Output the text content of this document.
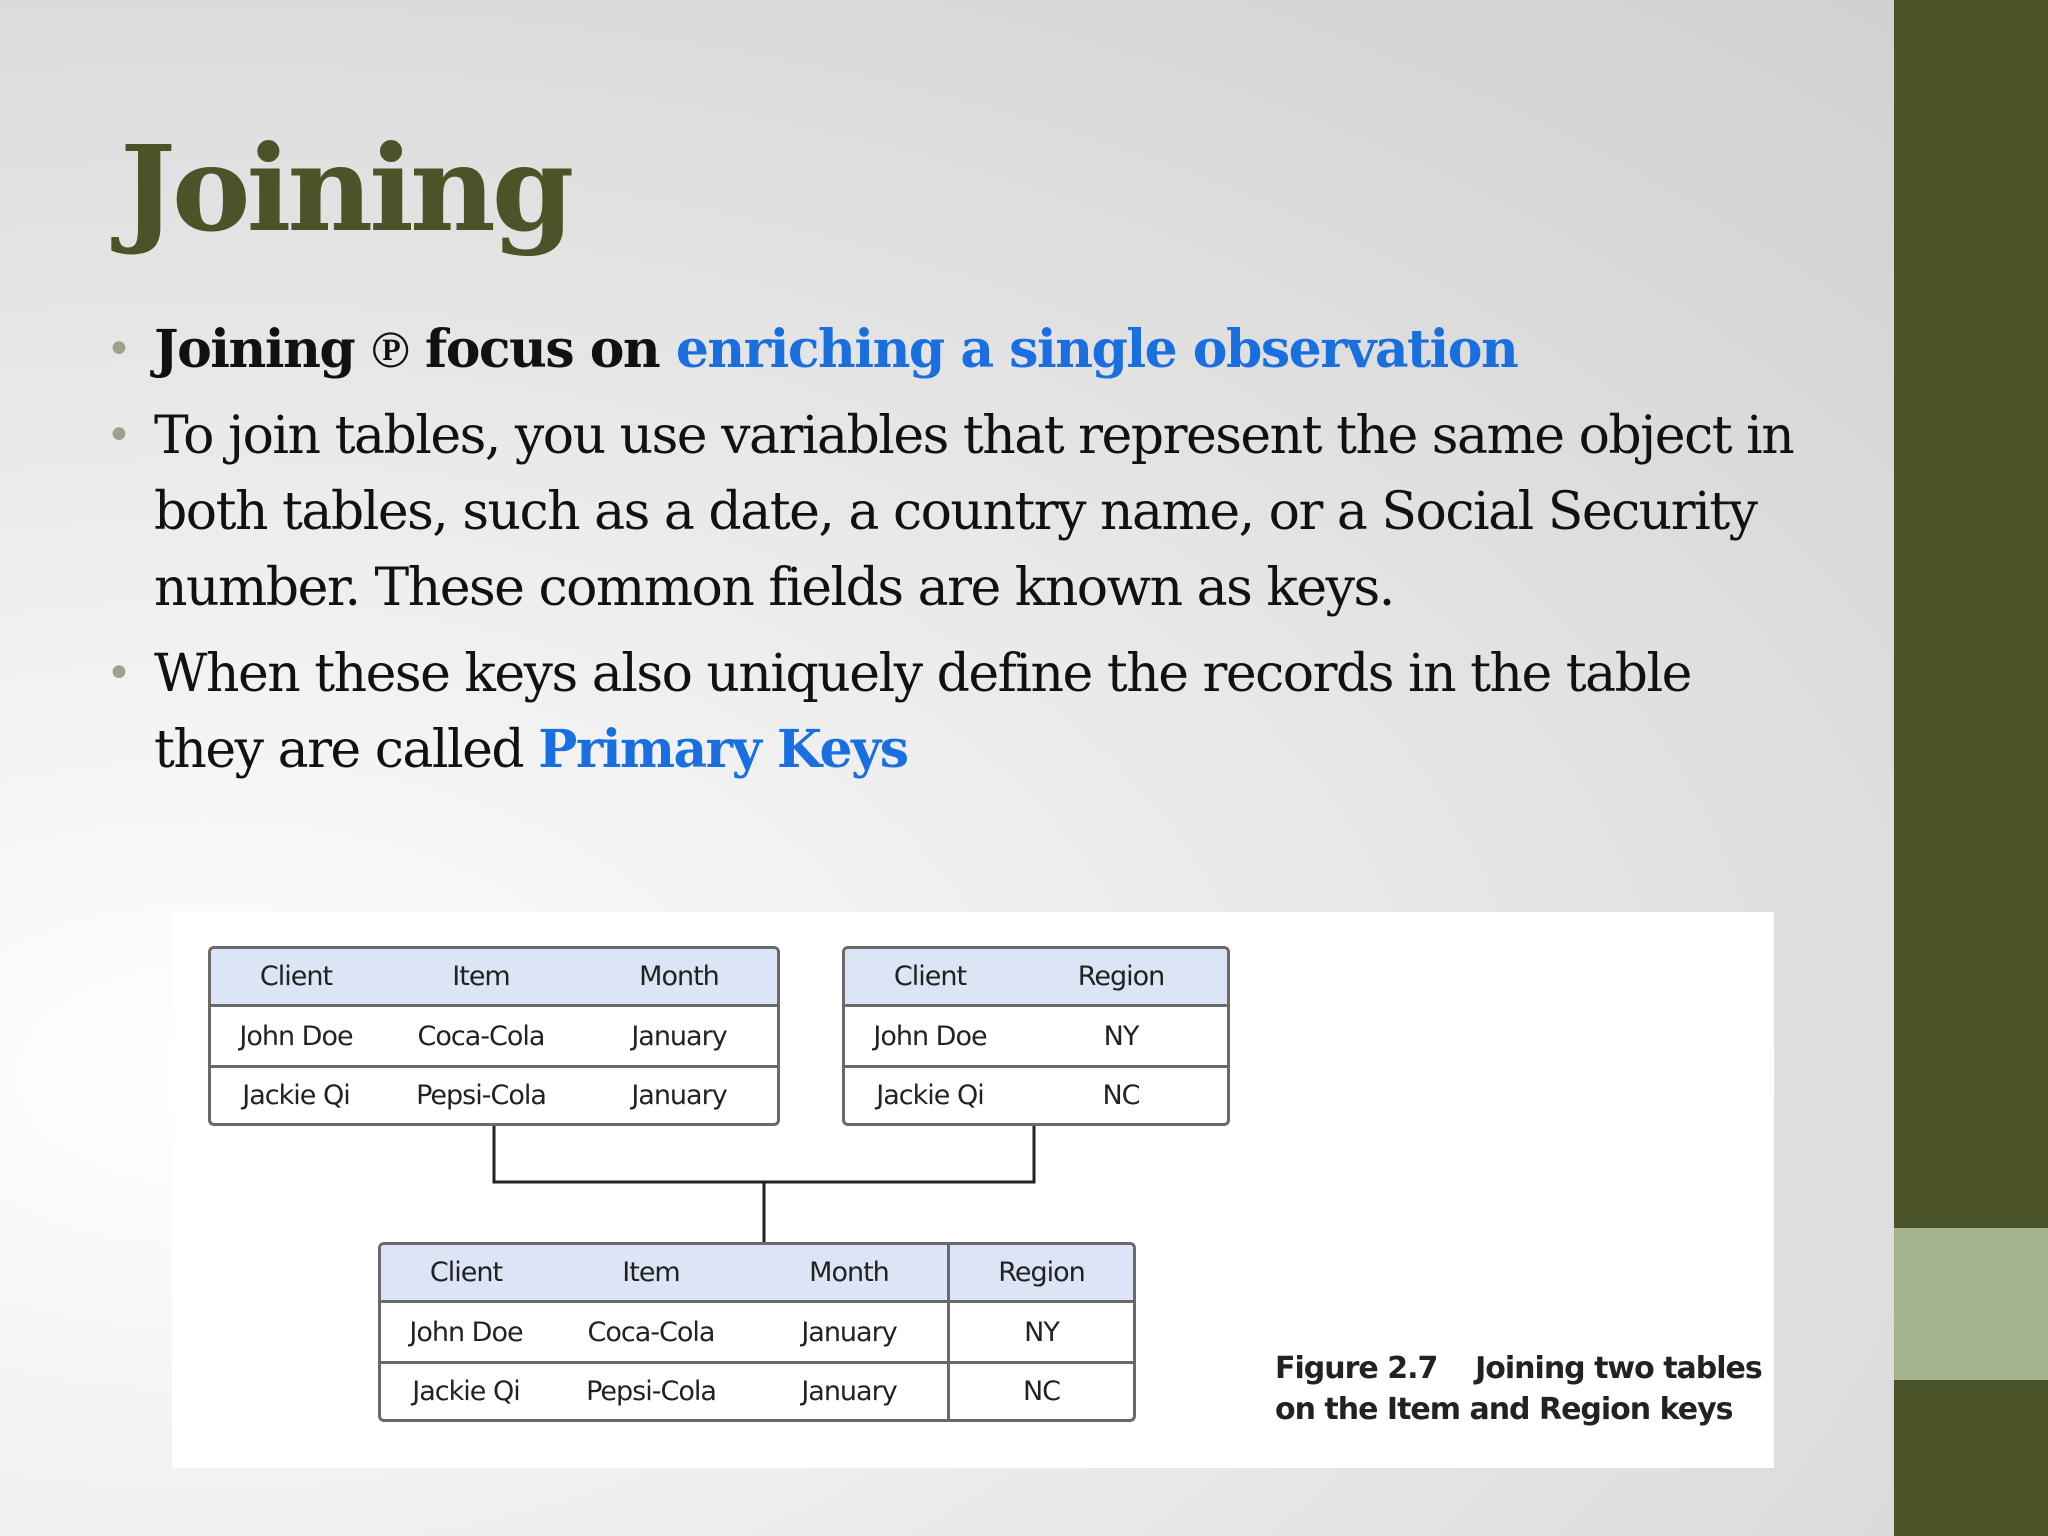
Joining
• Joining ℗ focus on enriching a single observation
• To join tables, you use variables that represent the same object in both tables, such as a date, a country name, or a Social Security number. These common fields are known as keys.
• When these keys also uniquely define the records in the table they are called Primary Keys
Figure 2.7    Joining two tables
on the Item and Region keys
Client	Item	Month
John Doe	Coca-Cola	January
Jackie Qi	Pepsi-Cola	January
Client	Region
John Doe	NY
Jackie Qi	NC
Client	Item	Month	Region
John Doe	Coca-Cola	January	NY
Jackie Qi	Pepsi-Cola	January	NC
